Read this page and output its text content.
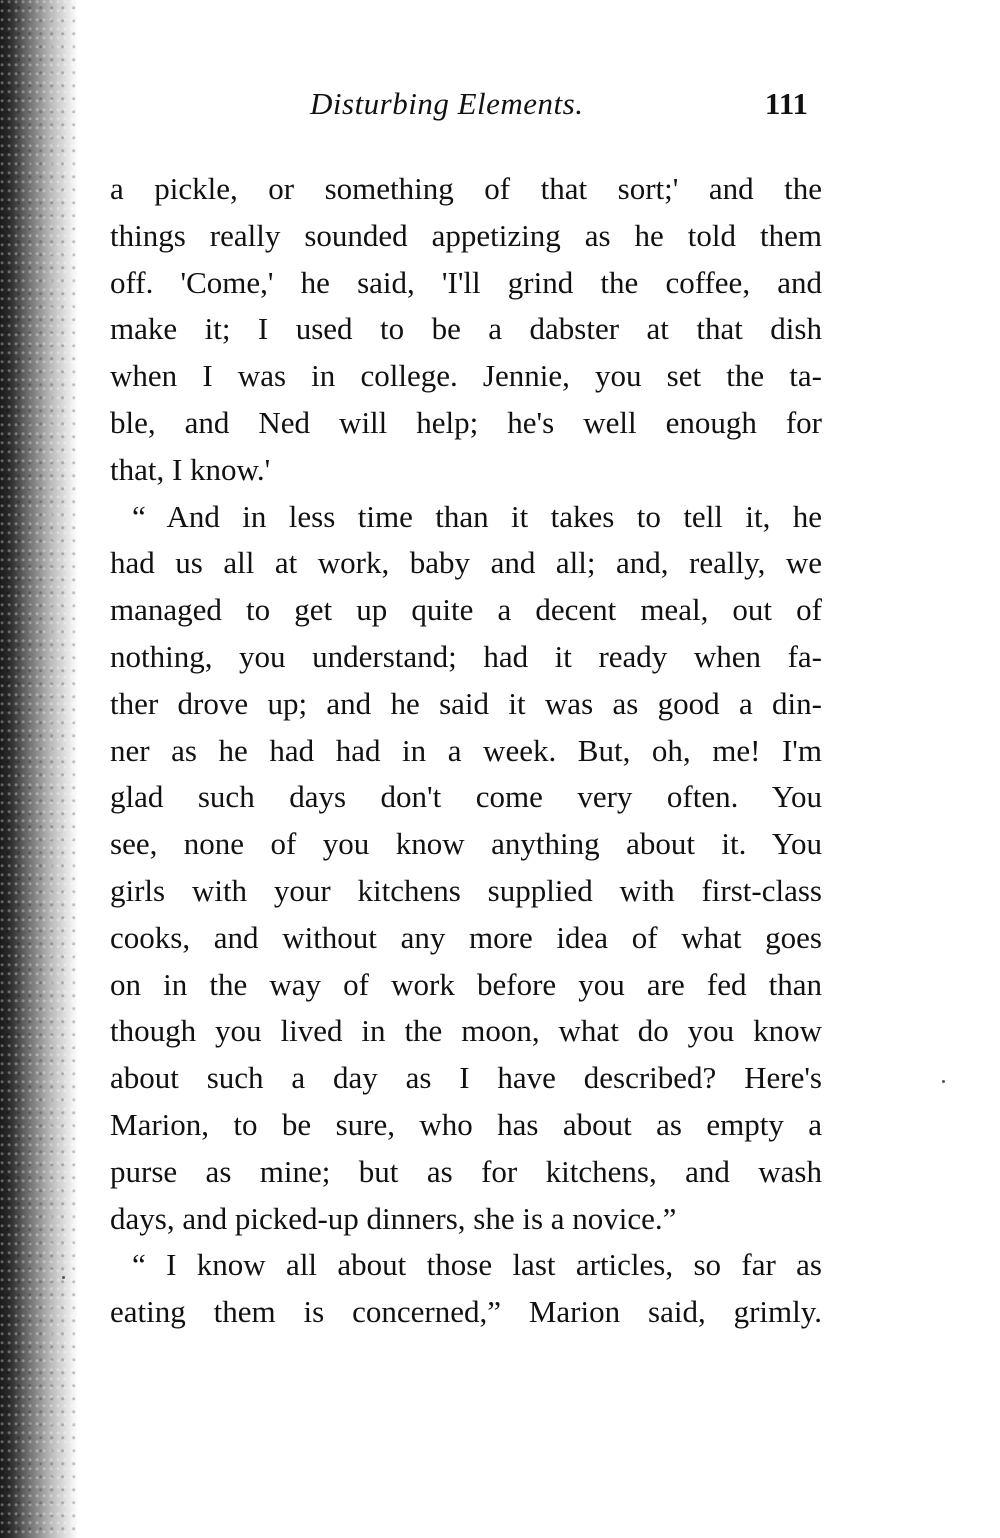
Disturbing Elements.	111
a pickle, or something of that sort;' and the
things really sounded appetizing as he told them
off. 'Come,' he said, 'I'll grind the coffee, and
make it; I used to be a dabster at that dish
when I was in college. Jennie, you set the ta-
ble, and Ned will help; he's well enough for
that, I know.'
“ And in less time than it takes to tell it, he
had us all at work, baby and all; and, really, we
managed to get up quite a decent meal, out of
nothing, you understand; had it ready when fa-
ther drove up; and he said it was as good a din-
ner as he had had in a week. But, oh, me! I'm
glad such days don't come very often. You
see, none of you know anything about it. You
girls with your kitchens supplied with first-class
cooks, and without any more idea of what goes
on in the way of work before you are fed than
though you lived in the moon, what do you know
about such a day as I have described? Here's
Marion, to be sure, who has about as empty a
purse as mine; but as for kitchens, and wash
days, and picked-up dinners, she is a novice.”
“ I know all about those last articles, so far as
eating them is concerned,” Marion said, grimly.
